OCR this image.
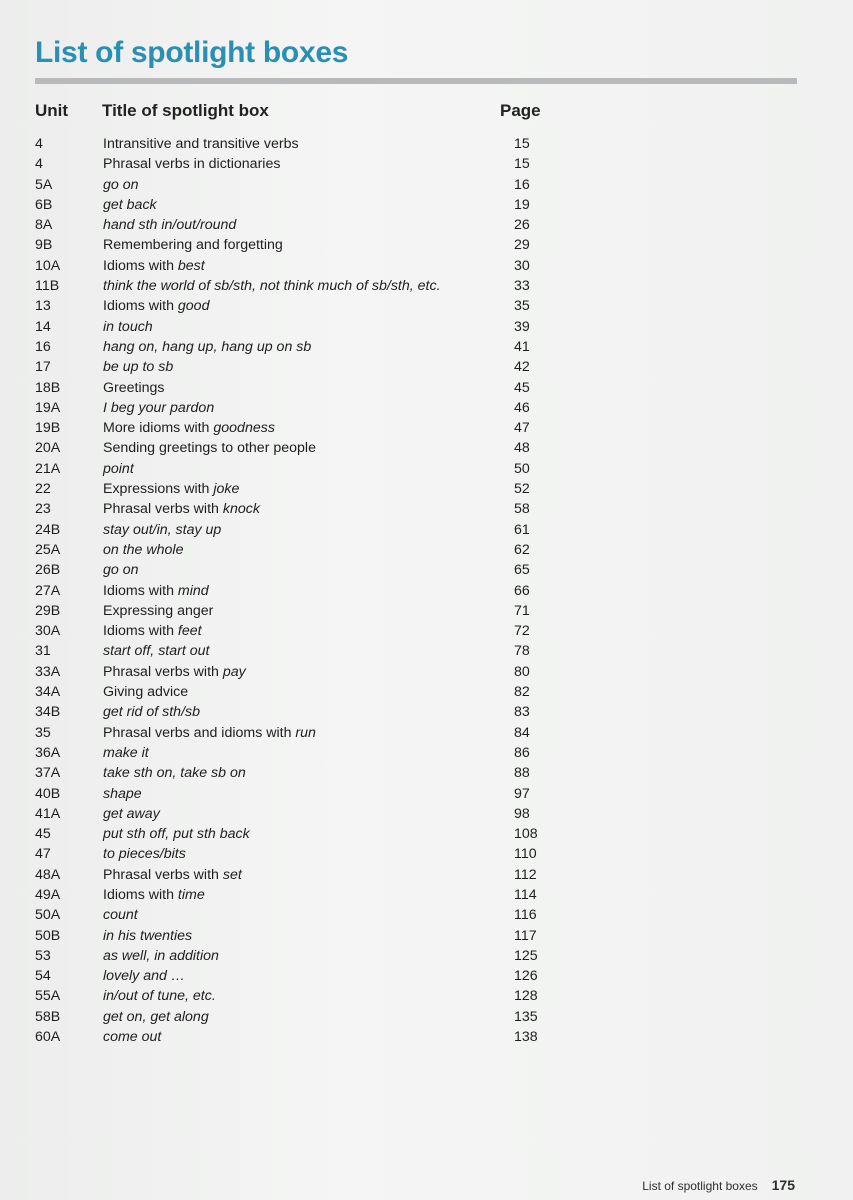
List of spotlight boxes
Unit Title of spotlight box	Page
4	Intransitive and transitive verbs	15
4	Phrasal verbs in dictionaries	15
5A	go on	16
6B	get back	19
8A	hand sth in/out/round	26
9B	Remembering and forgetting	29
10A	Idioms with best	30
11B	think the world of sb/sth, not think much of sb/sth, etc.	33
13	Idioms with good	35
14	in touch	39
16	hang on, hang up, hang up on sb	41
17	be up to sb	42
18B	Greetings	45
19A	I beg your pardon	46
19B	More idioms with goodness	47
20A	Sending greetings to other people	48
21A	point	50
22	Expressions with joke	52
23	Phrasal verbs with knock	58
24B	stay out/in, stay up	61
25A	on the whole	62
26B	go on	65
27A	Idioms with mind	66
29B	Expressing anger	71
30A	Idioms with feet	72
31	start off, start out	78
33A	Phrasal verbs with pay	80
34A	Giving advice	82
34B	get rid of sth/sb	83
35	Phrasal verbs and idioms with run	84
36A	make it	86
37A	take sth on, take sb on	88
40B	shape	97
41A	get away	98
45	put sth off, put sth back	108
47	to pieces/bits	110
48A	Phrasal verbs with set	112
49A	Idioms with time	114
50A	count	116
50B	in his twenties	117
53	as well, in addition	125
54	lovely and …	126
55A	in/out of tune, etc.	128
58B	get on, get along	135
60A	come out	138
List of spotlight boxes 175
